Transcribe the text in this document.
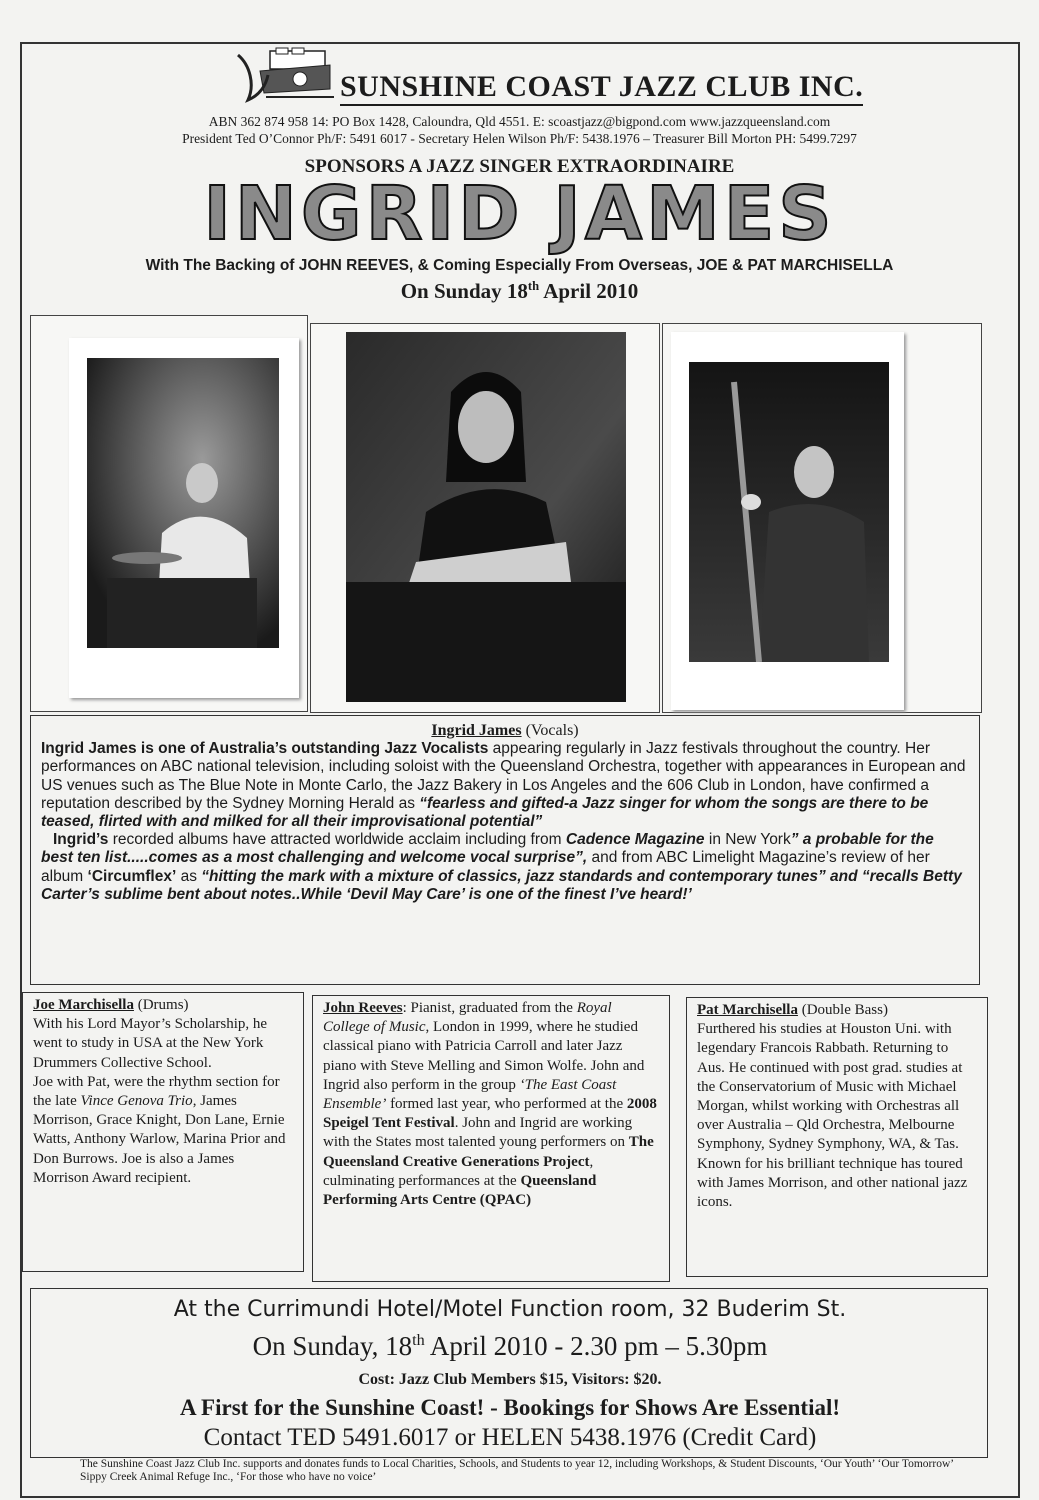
SUNSHINE COAST JAZZ CLUB INC.
ABN 362 874 958 14: PO Box 1428, Caloundra, Qld 4551. E: scoastjazz@bigpond.com www.jazzqueensland.com
President Ted O’Connor Ph/F: 5491 6017 - Secretary Helen Wilson Ph/F: 5438.1976 – Treasurer Bill Morton PH: 5499.7297
SPONSORS A JAZZ SINGER EXTRAORDINAIRE
INGRID JAMES
With The Backing of JOHN REEVES, & Coming Especially From Overseas, JOE & PAT MARCHISELLA
On Sunday 18th April 2010
Ingrid James (Vocals)
Ingrid James is one of Australia’s outstanding Jazz Vocalists appearing regularly in Jazz festivals throughout the country. Her performances on ABC national television, including soloist with the Queensland Orchestra, together with appearances in European and US venues such as The Blue Note in Monte Carlo, the Jazz Bakery in Los Angeles and the 606 Club in London, have confirmed a reputation described by the Sydney Morning Herald as “fearless and gifted-a Jazz singer for whom the songs are there to be teased, flirted with and milked for all their improvisational potential”
Ingrid’s recorded albums have attracted worldwide acclaim including from Cadence Magazine in New York” a probable for the best ten list.....comes as a most challenging and welcome vocal surprise”, and from ABC Limelight Magazine’s review of her album ‘Circumflex’ as “hitting the mark with a mixture of classics, jazz standards and contemporary tunes” and “recalls Betty Carter’s sublime bent about notes..While ‘Devil May Care’ is one of the finest I’ve heard!’
Joe Marchisella (Drums)
With his Lord Mayor’s Scholarship, he went to study in USA at the New York Drummers Collective School.
Joe with Pat, were the rhythm section for the late Vince Genova Trio, James Morrison, Grace Knight, Don Lane, Ernie Watts, Anthony Warlow, Marina Prior and Don Burrows. Joe is also a James Morrison Award recipient.
John Reeves: Pianist, graduated from the Royal College of Music, London in 1999, where he studied classical piano with Patricia Carroll and later Jazz piano with Steve Melling and Simon Wolfe. John and Ingrid also perform in the group ‘The East Coast Ensemble’ formed last year, who performed at the 2008 Speigel Tent Festival. John and Ingrid are working with the States most talented young performers on The Queensland Creative Generations Project, culminating performances at the Queensland Performing Arts Centre (QPAC)
Pat Marchisella (Double Bass)
Furthered his studies at Houston Uni. with legendary Francois Rabbath. Returning to Aus. He continued with post grad. studies at the Conservatorium of Music with Michael Morgan, whilst working with Orchestras all over Australia – Qld Orchestra, Melbourne Symphony, Sydney Symphony, WA, & Tas. Known for his brilliant technique has toured with James Morrison, and other national jazz icons.
At the Currimundi Hotel/Motel Function room, 32 Buderim St.
On Sunday, 18th April 2010 - 2.30 pm – 5.30pm
Cost: Jazz Club Members $15, Visitors: $20.
A First for the Sunshine Coast! - Bookings for Shows Are Essential!
Contact TED 5491.6017 or HELEN 5438.1976 (Credit Card)
The Sunshine Coast Jazz Club Inc. supports and donates funds to Local Charities, Schools, and Students to year 12, including Workshops, & Student Discounts, ‘Our Youth’ ‘Our Tomorrow’ Sippy Creek Animal Refuge Inc., ‘For those who have no voice’
